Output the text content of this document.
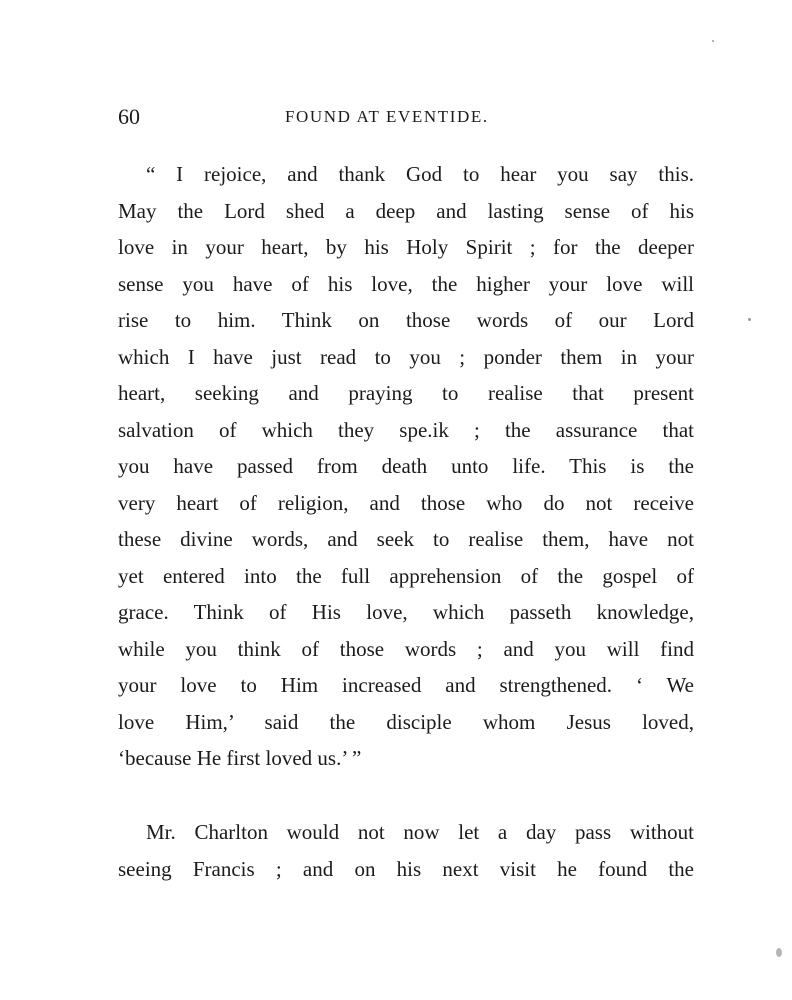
60	FOUND AT EVENTIDE.
“ I rejoice, and thank God to hear you say this.
May the Lord shed a deep and lasting sense of his
love in your heart, by his Holy Spirit ; for the deeper
sense you have of his love, the higher your love will
rise to him. Think on those words of our Lord
which I have just read to you ; ponder them in your
heart, seeking and praying to realise that present
salvation of which they spe.ik ; the assurance that
you have passed from death unto life. This is the
very heart of religion, and those who do not receive
these divine words, and seek to realise them, have not
yet entered into the full apprehension of the gospel of
grace. Think of His love, which passeth knowledge,
while you think of those words ; and you will find
your love to Him increased and strengthened. ‘ We
love Him,’ said the disciple whom Jesus loved,
‘because He first loved us.’ ”
Mr. Charlton would not now let a day pass without
seeing Francis ; and on his next visit he found the
